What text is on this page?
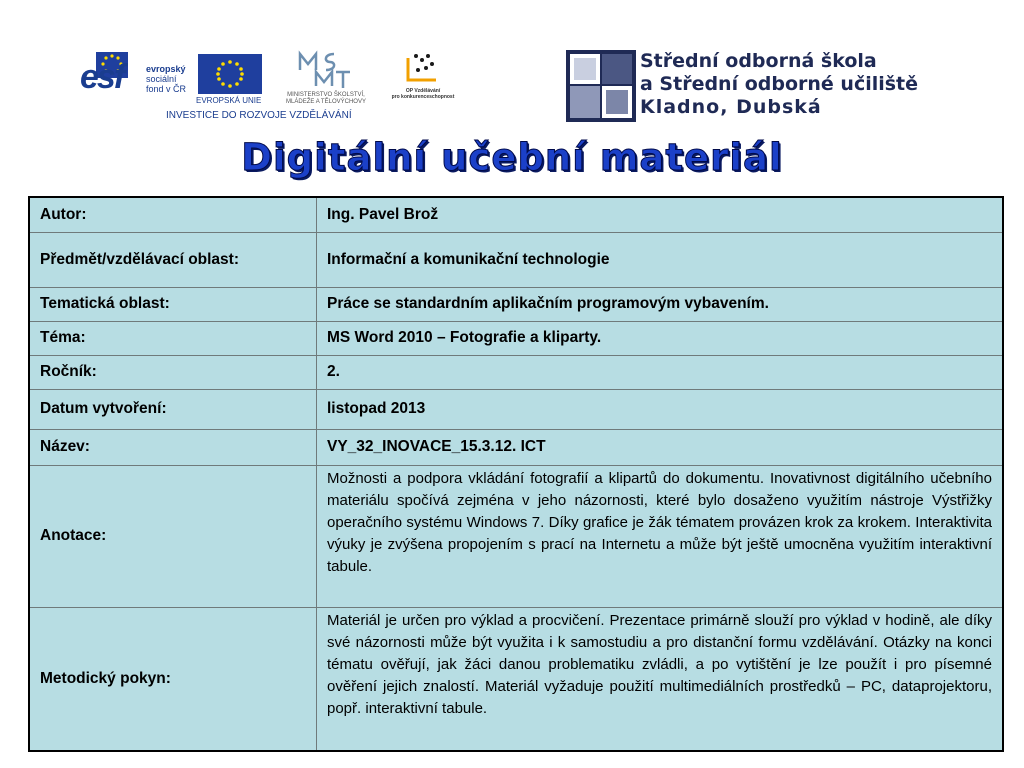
esf	evropský
sociální
fond v ČR
EVROPSKÁ UNIE
MINISTERSTVO ŠKOLSTVÍ,
MLÁDEŽE A TĚLOVÝCHOVY
OP Vzdělávání
pro konkurenceschopnost
INVESTICE DO ROZVOJE VZDĚLÁVÁNÍ
Střední odborná škola
a Střední odborné učiliště
Kladno, Dubská
Digitální učební materiál
Autor:	Ing. Pavel Brož
Předmět/vzdělávací oblast:	Informační a komunikační technologie
Tematická oblast:	Práce se standardním aplikačním programovým vybavením.
Téma:	MS Word 2010 – Fotografie a kliparty.
Ročník:	2.
Datum vytvoření:	listopad 2013
Název:	VY_32_INOVACE_15.3.12. ICT
Anotace:	Možnosti a podpora vkládání fotografií a klipartů do dokumentu. Inovativnost digitálního učebního materiálu spočívá zejména v jeho názornosti, které bylo dosaženo využitím nástroje Výstřižky operačního systému Windows 7. Díky grafice je žák tématem provázen krok za krokem. Interaktivita výuky je zvýšena propojením s prací na Internetu a může být ještě umocněna využitím interaktivní tabule.
Metodický pokyn:	Materiál je určen pro výklad a procvičení. Prezentace primárně slouží pro výklad v hodině, ale díky své názornosti může být využita i k samostudiu a pro distanční formu vzdělávání. Otázky na konci tématu ověřují, jak žáci danou problematiku zvládli, a po vytištění je lze použít i pro písemné ověření jejich znalostí. Materiál vyžaduje použití multimediálních prostředků – PC, dataprojektoru, popř. interaktivní tabule.
